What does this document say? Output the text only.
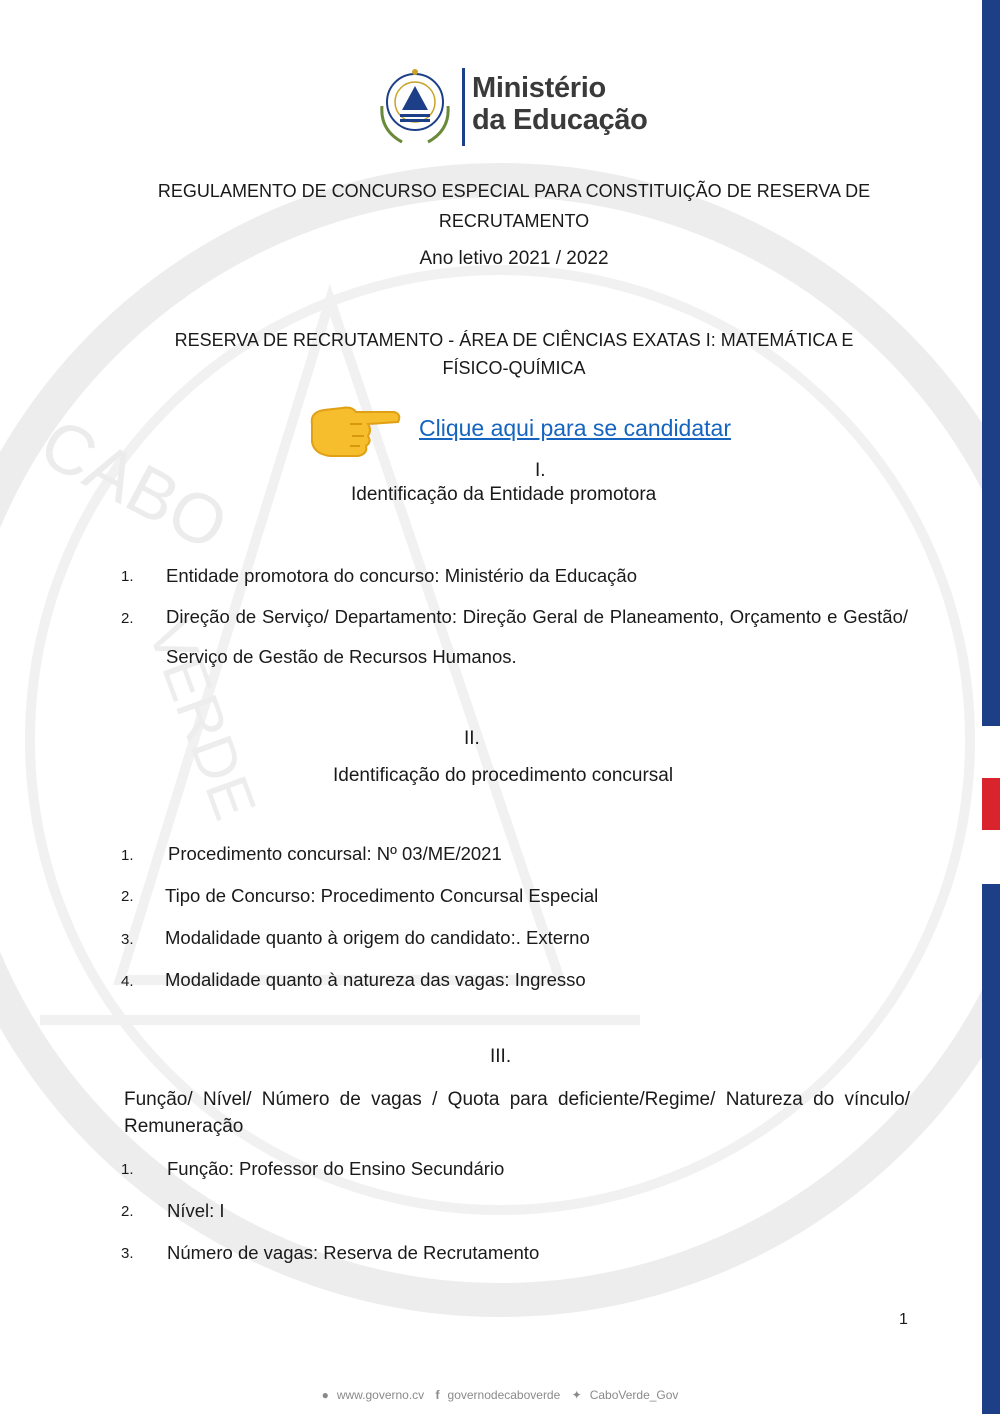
CABO
VERDE
Ministério
da Educação
REGULAMENTO DE CONCURSO ESPECIAL PARA CONSTITUIÇÃO DE RESERVA DE
RECRUTAMENTO
Ano letivo 2021 / 2022
RESERVA DE RECRUTAMENTO - ÁREA DE CIÊNCIAS EXATAS I: MATEMÁTICA E
FÍSICO-QUÍMICA
Clique aqui para se candidatar
I.
Identificação da Entidade promotora
1. Entidade promotora do concurso: Ministério da Educação
2. Direção de Serviço/ Departamento: Direção Geral de Planeamento, Orçamento e Gestão/ Serviço de Gestão de Recursos Humanos.
II.
Identificação do procedimento concursal
1. Procedimento concursal: Nº 03/ME/2021
2. Tipo de Concurso: Procedimento Concursal Especial
3. Modalidade quanto à origem do candidato:. Externo
4. Modalidade quanto à natureza das vagas: Ingresso
III.
Função/ Nível/ Número de vagas / Quota para deficiente/Regime/ Natureza do vínculo/ Remuneração
1. Função: Professor do Ensino Secundário
2. Nível: I
3. Número de vagas: Reserva de Recrutamento
1
● www.governo.cv f governodecaboverde ✦ CaboVerde_Gov
